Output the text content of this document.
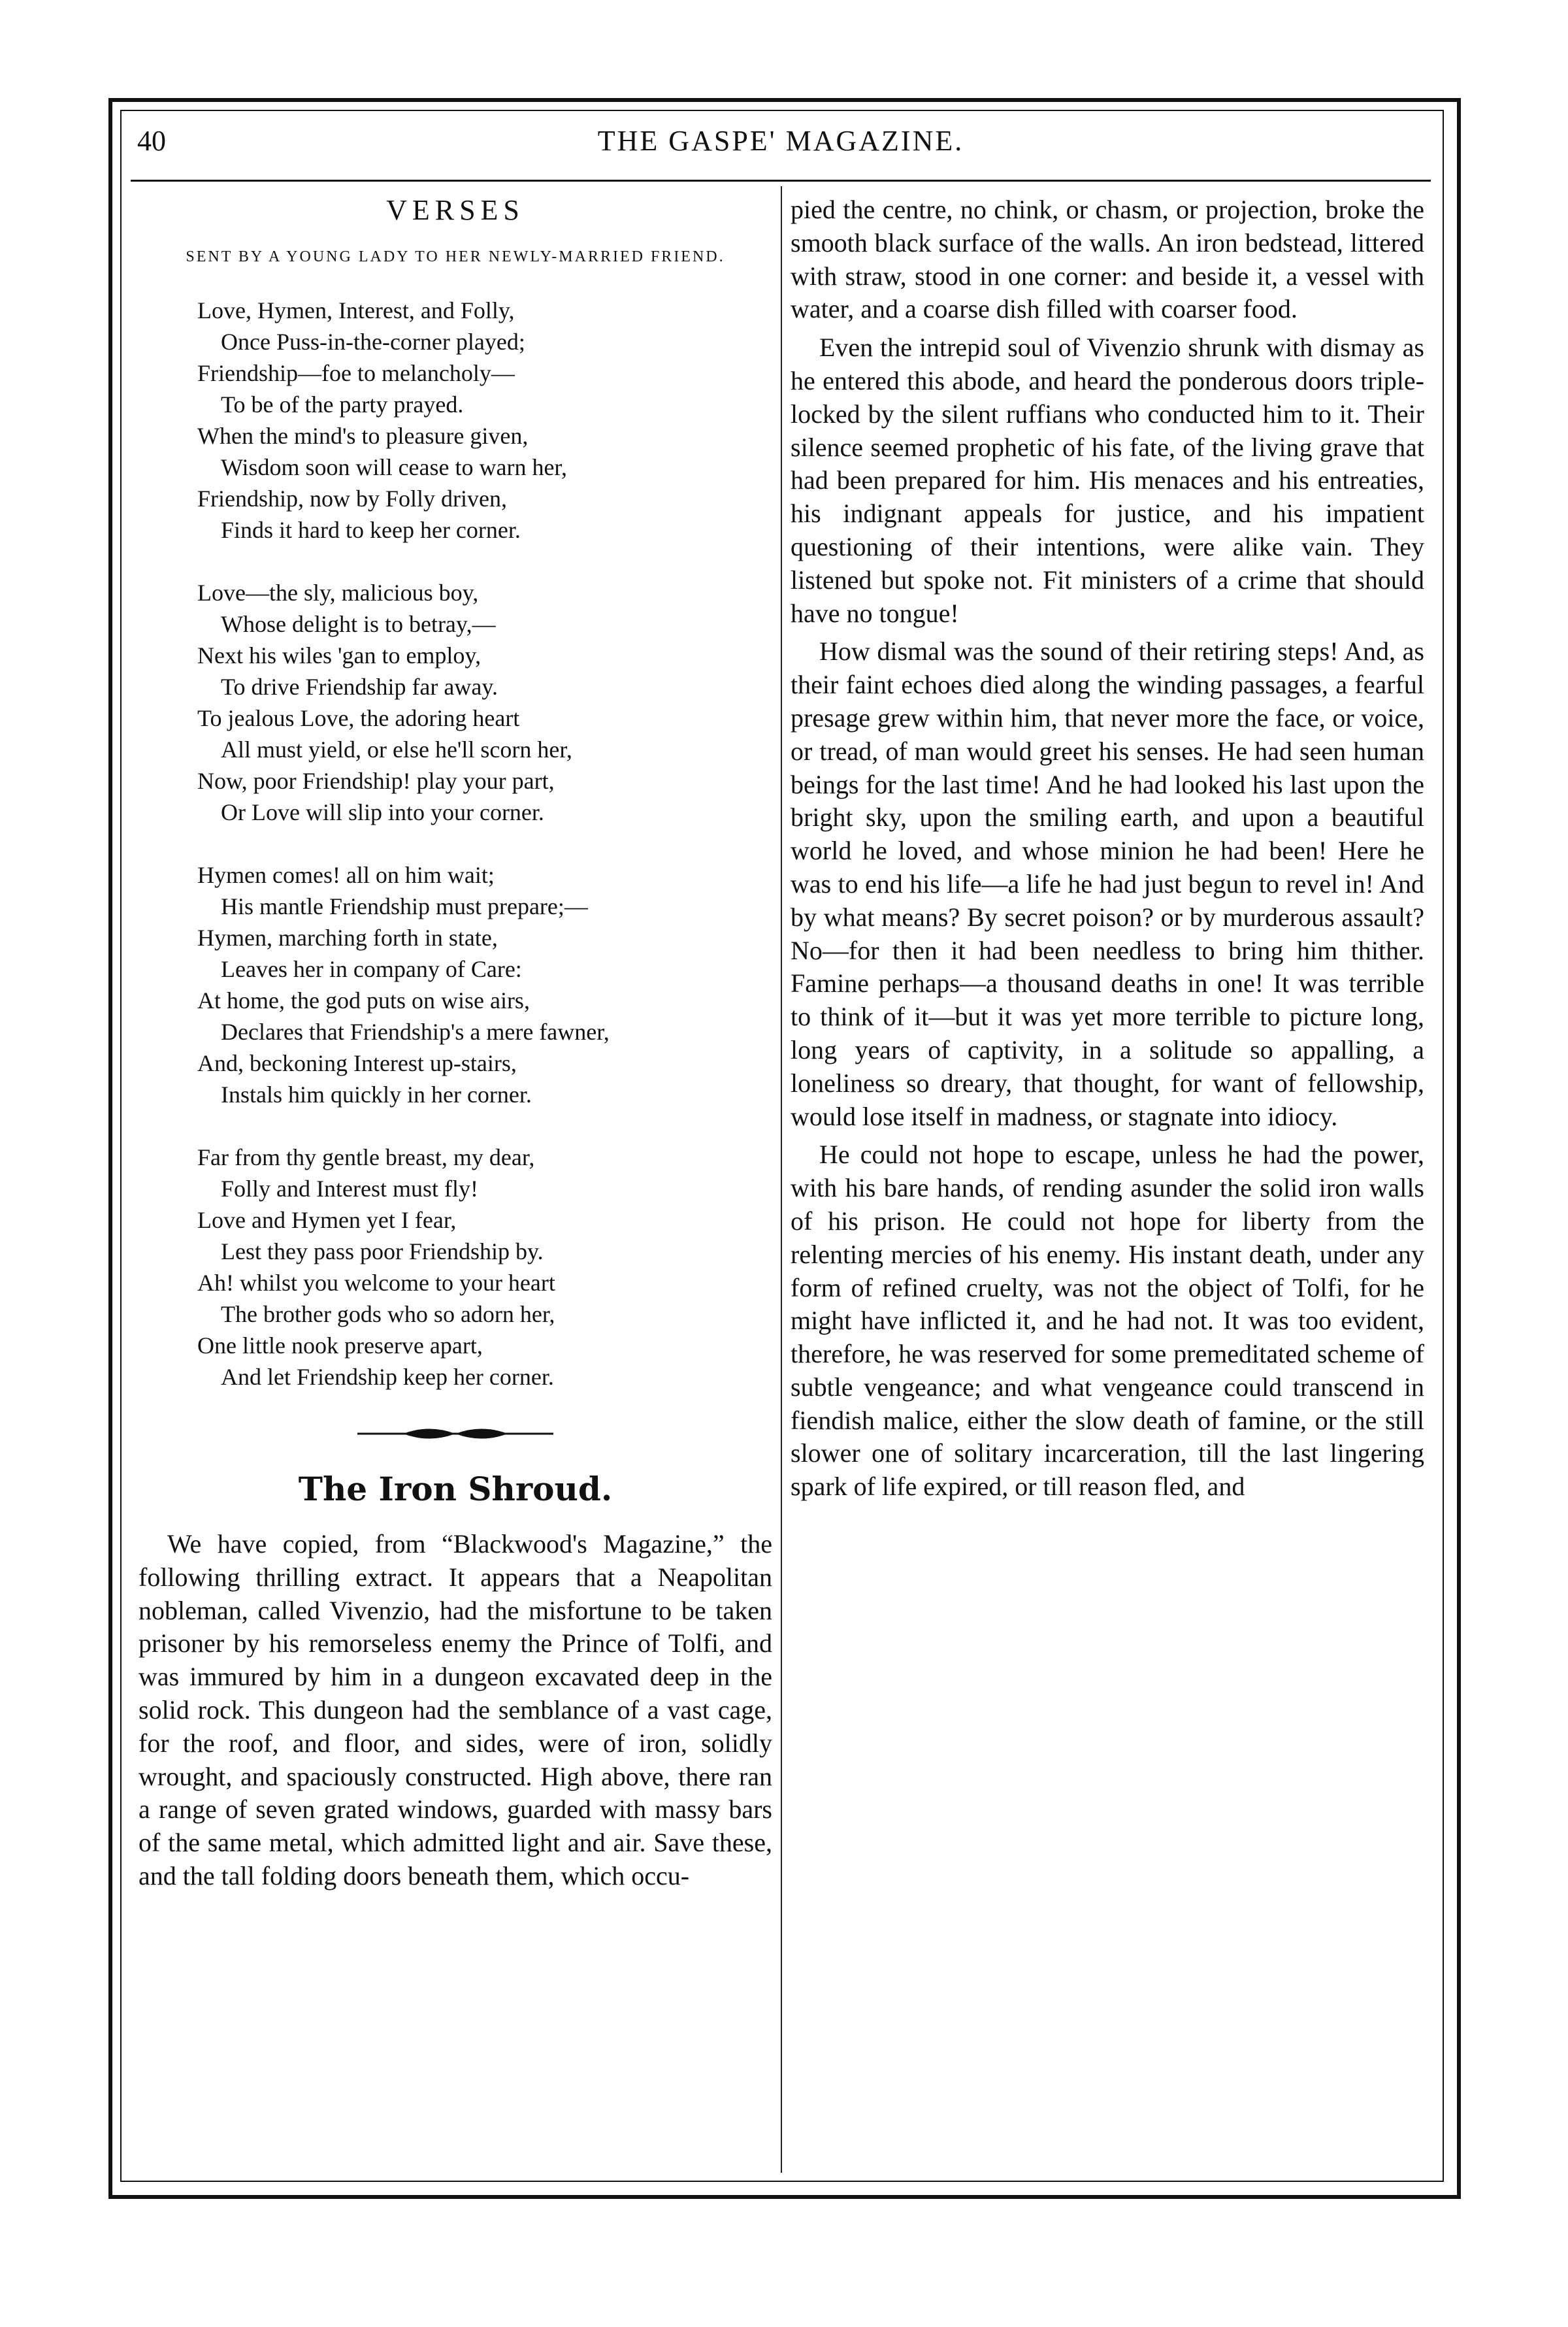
40	THE GASPE' MAGAZINE.
VERSES
SENT BY A YOUNG LADY TO HER NEWLY-MARRIED FRIEND.
Love, Hymen, Interest, and Folly,
Once Puss-in-the-corner played;
Friendship—foe to melancholy—
To be of the party prayed.
When the mind's to pleasure given,
Wisdom soon will cease to warn her,
Friendship, now by Folly driven,
Finds it hard to keep her corner.
Love—the sly, malicious boy,
Whose delight is to betray,—
Next his wiles 'gan to employ,
To drive Friendship far away.
To jealous Love, the adoring heart
All must yield, or else he'll scorn her,
Now, poor Friendship! play your part,
Or Love will slip into your corner.
Hymen comes! all on him wait;
His mantle Friendship must prepare;—
Hymen, marching forth in state,
Leaves her in company of Care:
At home, the god puts on wise airs,
Declares that Friendship's a mere fawner,
And, beckoning Interest up-stairs,
Instals him quickly in her corner.
Far from thy gentle breast, my dear,
Folly and Interest must fly!
Love and Hymen yet I fear,
Lest they pass poor Friendship by.
Ah! whilst you welcome to your heart
The brother gods who so adorn her,
One little nook preserve apart,
And let Friendship keep her corner.
The Iron Shroud.

We have copied, from “Blackwood's Magazine,” the following thrilling extract. It appears that a Neapolitan nobleman, called Vivenzio, had the misfortune to be taken prisoner by his remorseless enemy the Prince of Tolfi, and was immured by him in a dungeon excavated deep in the solid rock. This dungeon had the semblance of a vast cage, for the roof, and floor, and sides, were of iron, solidly wrought, and spaciously constructed. High above, there ran a range of seven grated windows, guarded with massy bars of the same metal, which admitted light and air. Save these, and the tall folding doors beneath them, which occu-

pied the centre, no chink, or chasm, or projection, broke the smooth black surface of the walls. An iron bedstead, littered with straw, stood in one corner: and beside it, a vessel with water, and a coarse dish filled with coarser food.

Even the intrepid soul of Vivenzio shrunk with dismay as he entered this abode, and heard the ponderous doors triple-locked by the silent ruffians who conducted him to it. Their silence seemed prophetic of his fate, of the living grave that had been prepared for him. His menaces and his entreaties, his indignant appeals for justice, and his impatient questioning of their intentions, were alike vain. They listened but spoke not. Fit ministers of a crime that should have no tongue!

How dismal was the sound of their retiring steps! And, as their faint echoes died along the winding passages, a fearful presage grew within him, that never more the face, or voice, or tread, of man would greet his senses. He had seen human beings for the last time! And he had looked his last upon the bright sky, upon the smiling earth, and upon a beautiful world he loved, and whose minion he had been! Here he was to end his life—a life he had just begun to revel in! And by what means? By secret poison? or by murderous assault? No—for then it had been needless to bring him thither. Famine perhaps—a thousand deaths in one! It was terrible to think of it—but it was yet more terrible to picture long, long years of captivity, in a solitude so appalling, a loneliness so dreary, that thought, for want of fellowship, would lose itself in madness, or stagnate into idiocy.

He could not hope to escape, unless he had the power, with his bare hands, of rending asunder the solid iron walls of his prison. He could not hope for liberty from the relenting mercies of his enemy. His instant death, under any form of refined cruelty, was not the object of Tolfi, for he might have inflicted it, and he had not. It was too evident, therefore, he was reserved for some premeditated scheme of subtle vengeance; and what vengeance could transcend in fiendish malice, either the slow death of famine, or the still slower one of solitary incarceration, till the last lingering spark of life expired, or till reason fled, and
